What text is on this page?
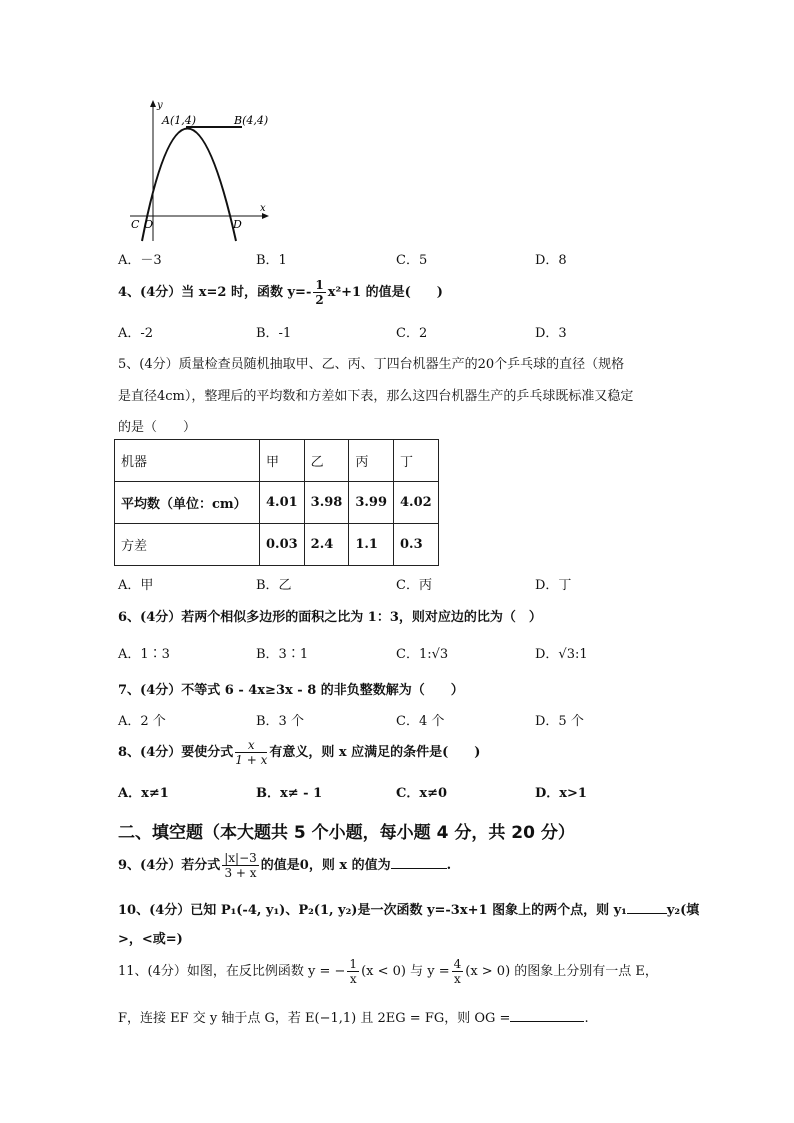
A(1,4)	B(4,4)
y
x
C O	D
A．－3	B．1	C．5	D．8
4、(4分）当 x=2 时，函数 $y=- \frac{1}{2} x^2+1$ 的值是(　　)
A．-2	B．-1	C．2	D．3
5、(4分）质量检查员随机抽取甲、乙、丙、丁四台机器生产的20个乒乓球的直径（规格
是直径4cm），整理后的平均数和方差如下表，那么这四台机器生产的乒乓球既标准又稳定
的是（　　）
机器	甲	乙	丙	丁
平均数（单位：cm）	4.01	3.98	3.99	4.02
方差	0.03	2.4	1.1	0.3
A．甲	B．乙	C．丙	D．丁
6、(4分）若两个相似多边形的面积之比为 1：3，则对应边的比为（　）
A．1∶3	B．3∶1	C．1:√3	D．√3:1
7、(4分）不等式 6 - 4x≥3x - 8 的非负整数解为（　　）
A．2 个	B．3 个	C．4 个	D．5 个
8、(4分）要使分式 $\frac{x}{1 + x}$ 有意义，则 x 应满足的条件是(　　)
A．x≠1	B．x≠ - 1	C．x≠0	D．x>1
二、填空题（本大题共 5 个小题，每小题 4 分，共 20 分）
9、(4分）若分式 $\frac{|x|-3}{3 + x}$ 的值是0，则 x 的值为	.
10、(4分）已知 P₁(-4, y₁)、P₂(1, y₂)是一次函数 y=-3x+1 图象上的两个点，则 y₁	y₂(填
>，<或=)
11、(4分）如图，在反比例函数 y = − $\frac{1}{x} (x < 0)$ 与 $y = \frac{4}{x} (x > 0)$ 的图象上分别有一点 E，
F，连接 EF 交 y 轴于点 G，若 E(−1,1) 且 2EG = FG，则 OG =	.
